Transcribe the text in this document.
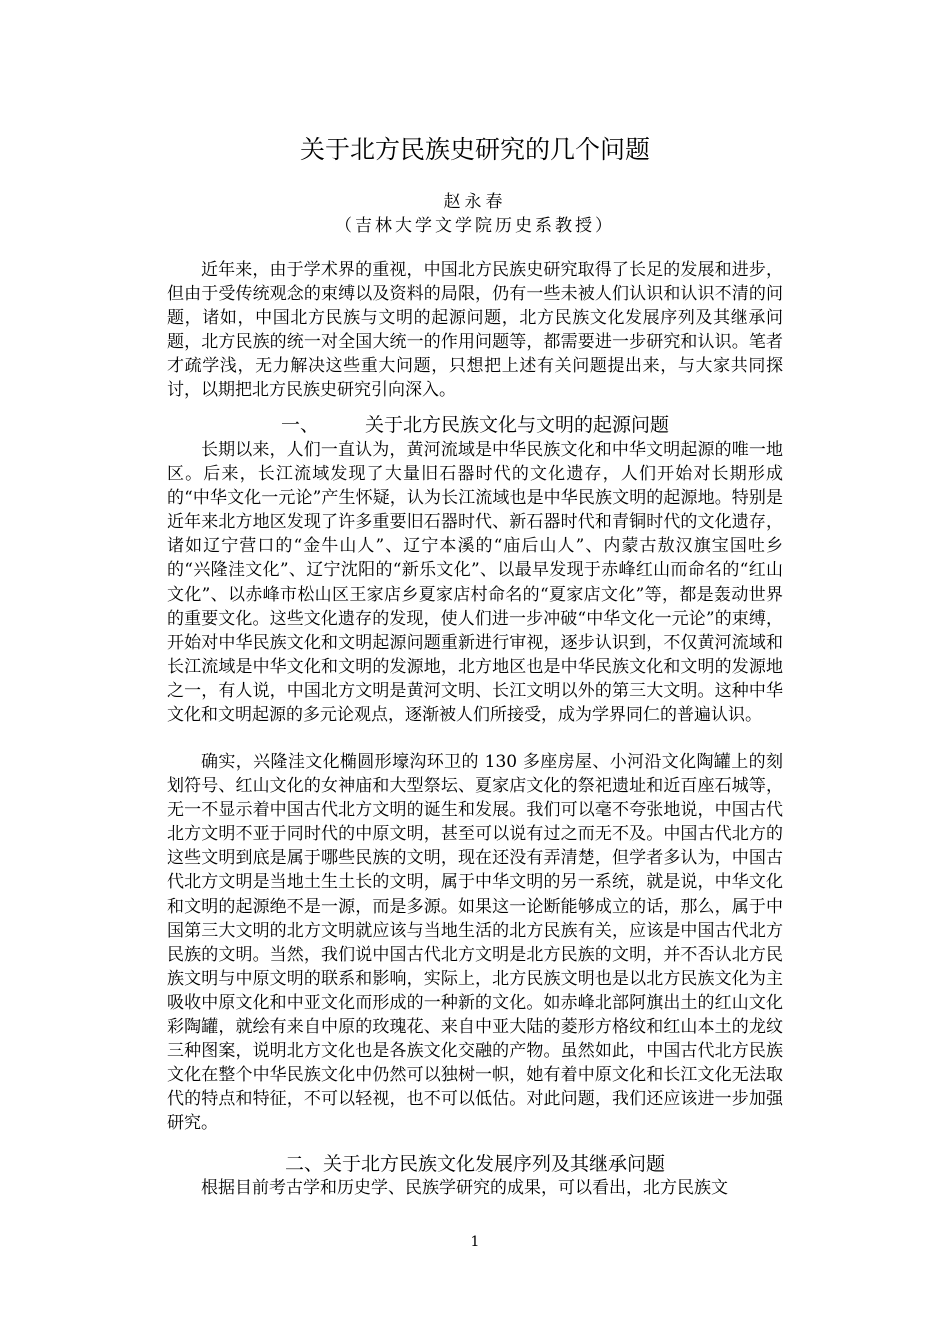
关于北方民族史研究的几个问题
赵永春
（吉林大学文学院历史系教授）

近年来，由于学术界的重视，中国北方民族史研究取得了长足的发展和进步，但由于受传统观念的束缚以及资料的局限，仍有一些未被人们认识和认识不清的问题，诸如，中国北方民族与文明的起源问题，北方民族文化发展序列及其继承问题，北方民族的统一对全国大统一的作用问题等，都需要进一步研究和认识。笔者才疏学浅，无力解决这些重大问题，只想把上述有关问题提出来，与大家共同探讨，以期把北方民族史研究引向深入。

一、 关于北方民族文化与文明的起源问题

长期以来，人们一直认为，黄河流域是中华民族文化和中华文明起源的唯一地区。后来，长江流域发现了大量旧石器时代的文化遗存，人们开始对长期形成的“中华文化一元论”产生怀疑，认为长江流域也是中华民族文明的起源地。特别是近年来北方地区发现了许多重要旧石器时代、新石器时代和青铜时代的文化遗存，诸如辽宁营口的“金牛山人”、辽宁本溪的“庙后山人”、内蒙古敖汉旗宝国吐乡的“兴隆洼文化”、辽宁沈阳的“新乐文化”、以最早发现于赤峰红山而命名的“红山文化”、以赤峰市松山区王家店乡夏家店村命名的“夏家店文化”等，都是轰动世界的重要文化。这些文化遗存的发现，使人们进一步冲破“中华文化一元论”的束缚，开始对中华民族文化和文明起源问题重新进行审视，逐步认识到，不仅黄河流域和长江流域是中华文化和文明的发源地，北方地区也是中华民族文化和文明的发源地之一，有人说，中国北方文明是黄河文明、长江文明以外的第三大文明。这种中华文化和文明起源的多元论观点，逐渐被人们所接受，成为学界同仁的普遍认识。

确实，兴隆洼文化椭圆形壕沟环卫的 130 多座房屋、小河沿文化陶罐上的刻划符号、红山文化的女神庙和大型祭坛、夏家店文化的祭祀遗址和近百座石城等，无一不显示着中国古代北方文明的诞生和发展。我们可以毫不夸张地说，中国古代北方文明不亚于同时代的中原文明，甚至可以说有过之而无不及。中国古代北方的这些文明到底是属于哪些民族的文明，现在还没有弄清楚，但学者多认为，中国古代北方文明是当地土生土长的文明，属于中华文明的另一系统，就是说，中华文化和文明的起源绝不是一源，而是多源。如果这一论断能够成立的话，那么，属于中国第三大文明的北方文明就应该与当地生活的北方民族有关，应该是中国古代北方民族的文明。当然，我们说中国古代北方文明是北方民族的文明，并不否认北方民族文明与中原文明的联系和影响，实际上，北方民族文明也是以北方民族文化为主吸收中原文化和中亚文化而形成的一种新的文化。如赤峰北部阿旗出土的红山文化彩陶罐，就绘有来自中原的玫瑰花、来自中亚大陆的菱形方格纹和红山本土的龙纹三种图案，说明北方文化也是各族文化交融的产物。虽然如此，中国古代北方民族文化在整个中华民族文化中仍然可以独树一帜，她有着中原文化和长江文化无法取代的特点和特征，不可以轻视，也不可以低估。对此问题，我们还应该进一步加强研究。

二、关于北方民族文化发展序列及其继承问题

根据目前考古学和历史学、民族学研究的成果，可以看出，北方民族文

1
